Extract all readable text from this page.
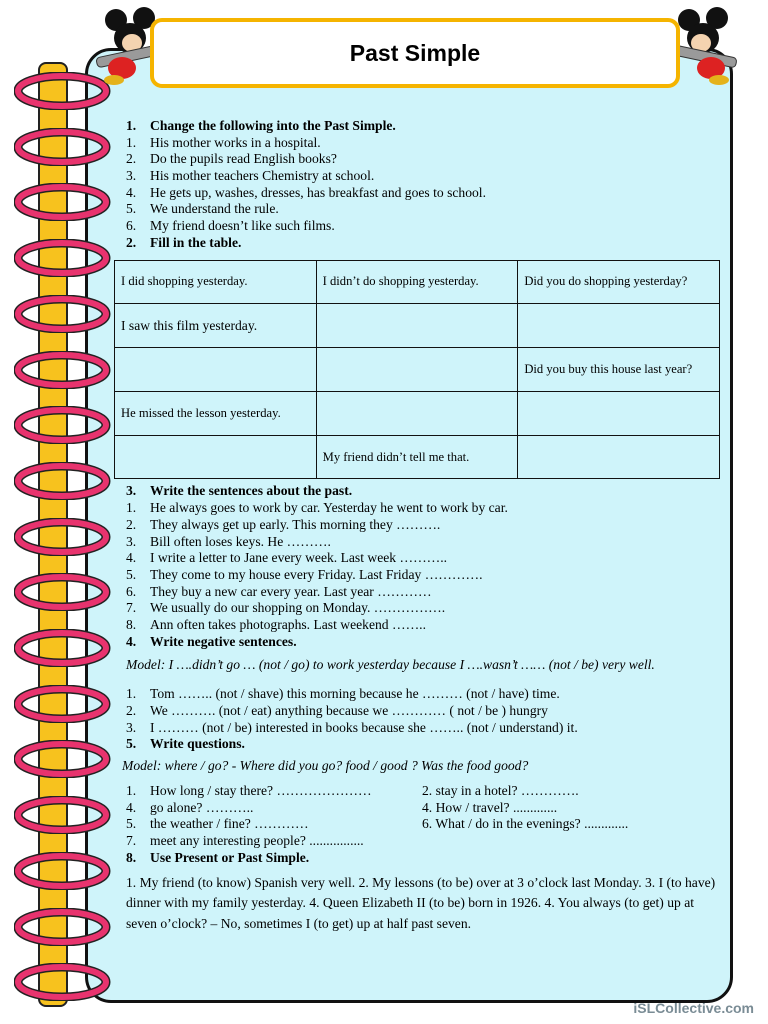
Past Simple
1.	Change the following into the Past Simple.
1.	His mother works in a hospital.
2.	Do the pupils read English books?
3.	His mother teachers Chemistry at school.
4.	He gets up, washes, dresses, has breakfast and goes to school.
5.	We understand the rule.
6.	My friend doesn’t like such films.
2.	Fill in the table.
I did shopping yesterday.	I didn’t do shopping yesterday.	Did you do shopping yesterday?
I saw this film yesterday.		
		Did you buy this house last year?
He missed the lesson yesterday.		
	My friend didn’t tell me that.	
3.	Write the sentences about the past.
1.	He always goes to work by car. Yesterday he went to work by car.
2.	They always get up early. This morning they ……….
3.	Bill often loses keys. He ……….
4.	I write a letter to Jane every week. Last week ………..
5.	They come to my house every Friday. Last Friday ………….
6.	They buy a new car every year. Last year …………
7.	We usually do our shopping on Monday. …………….
8.	Ann often takes photographs. Last weekend ……..
4.	Write negative sentences.
Model: I ….didn’t go … (not / go) to work yesterday because I ….wasn’t …… (not / be) very well.
1.	Tom …….. (not / shave) this morning because he ……… (not / have) time.
2.	We ………. (not / eat) anything because we ………… ( not / be ) hungry
3.	I ……… (not / be) interested in books because she …….. (not / understand) it.
5.	Write questions.
Model: where / go? - Where did you go? food / good ? Was the food good?
1.	How long / stay there? …………………	2. stay in a hotel? ………….
4.	go alone? ………..	4. How / travel? .............
5.	the weather / fine? …………	6. What / do in the evenings? .............
7.	meet any interesting people? ................
8.	Use Present or Past Simple.
1. My friend (to know) Spanish very well. 2. My lessons (to be) over at 3 o’clock last Monday. 3. I (to have) dinner with my family yesterday. 4. Queen Elizabeth II (to be) born in 1926. 4. You always (to get) up at seven o’clock? – No, sometimes I (to get) up at half past seven.
iSLCollective.com
